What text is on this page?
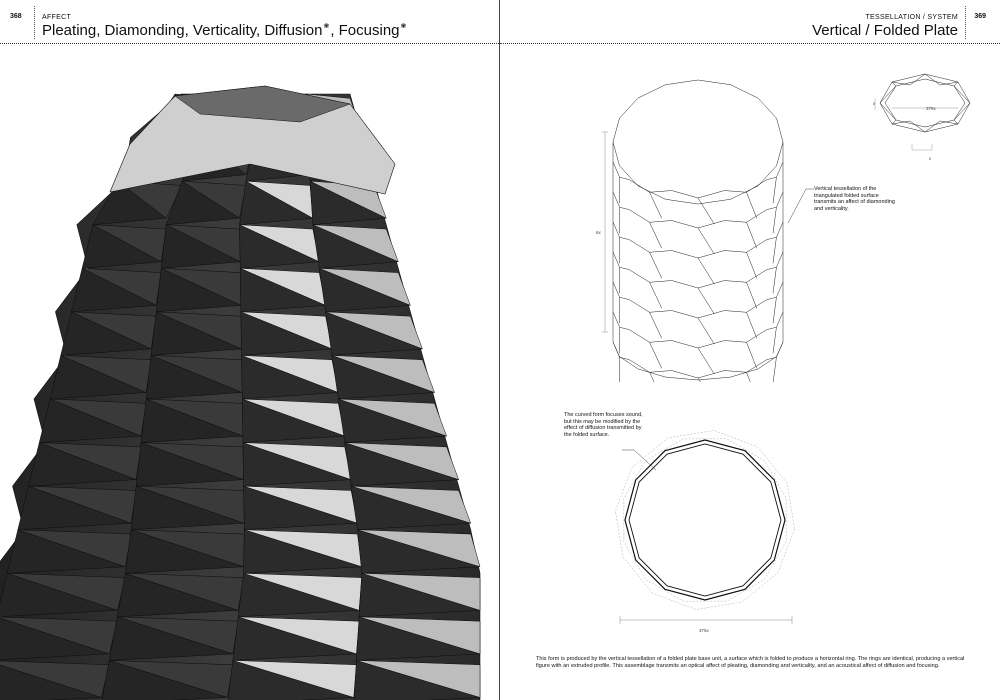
368	AFFECT
Pleating, Diamonding, Verticality, Diffusion❀, Focusing❀
TESSELLATION / SYSTEM
Vertical / Folded Plate
369
375x
x
x
6x
Vertical tessellation of the triangulated folded surface transmits an affect of diamonding and verticality.
The curved form focuses sound, but this may be modified by the effect of diffusion transmitted by the folded surface.
375x
This form is produced by the vertical tessellation of a folded plate base unit, a surface which is folded to produce a horizontal ring. The rings are identical, producing a vertical figure with an extruded profile. This assemblage transmits an optical affect of pleating, diamonding and verticality, and an acoustical affect of diffusion and focusing.
